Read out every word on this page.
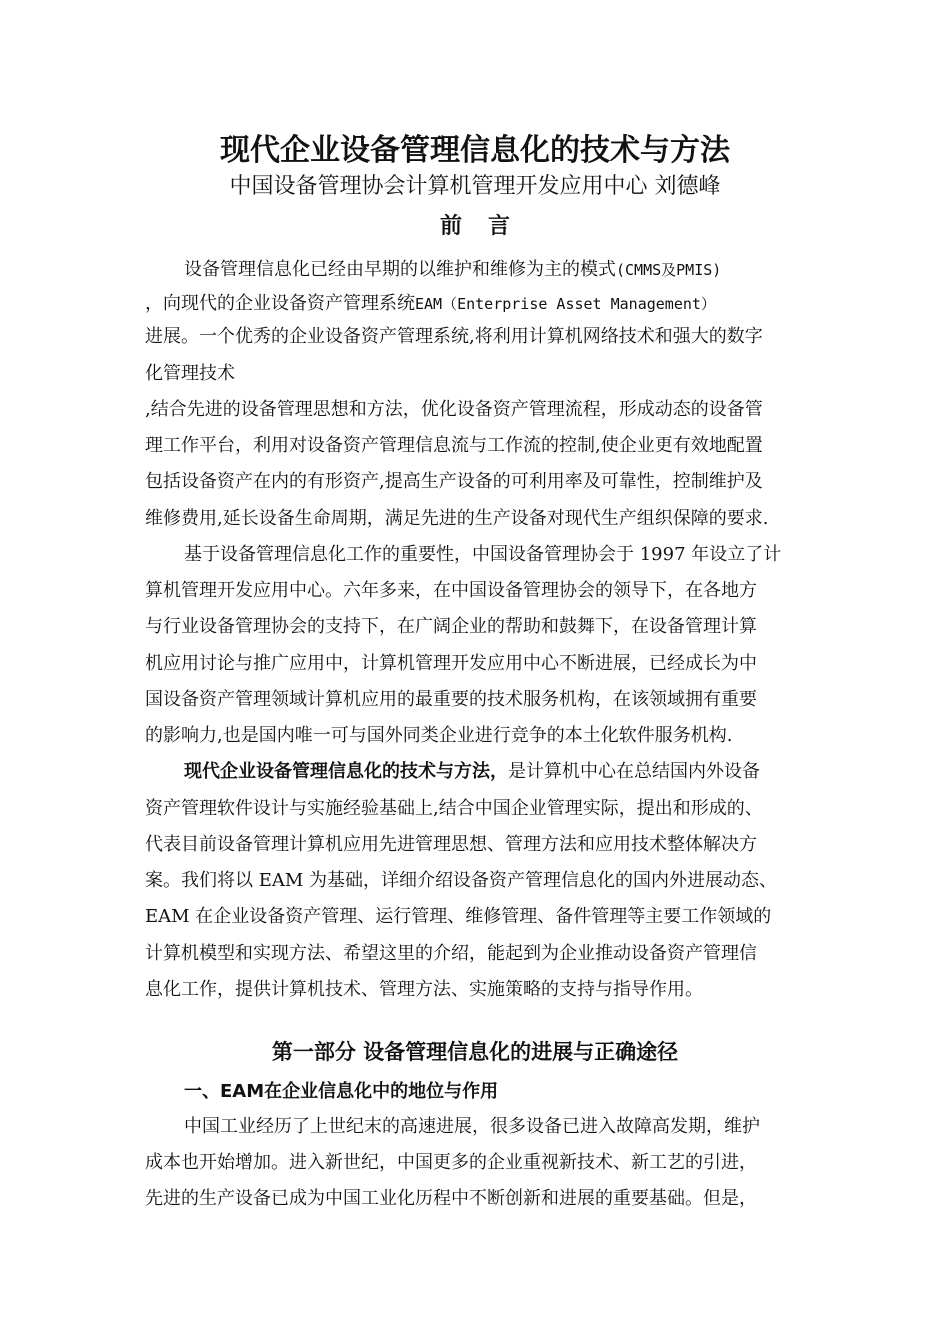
现代企业设备管理信息化的技术与方法
中国设备管理协会计算机管理开发应用中心 刘德峰
前言
设备管理信息化已经由早期的以维护和维修为主的模式(CMMS及PMIS)
，向现代的企业设备资产管理系统EAM（Enterprise Asset Management）
进展。一个优秀的企业设备资产管理系统,将利用计算机网络技术和强大的数字
化管理技术
,结合先进的设备管理思想和方法，优化设备资产管理流程，形成动态的设备管
理工作平台，利用对设备资产管理信息流与工作流的控制,使企业更有效地配置
包括设备资产在内的有形资产,提高生产设备的可利用率及可靠性，控制维护及
维修费用,延长设备生命周期，满足先进的生产设备对现代生产组织保障的要求.
基于设备管理信息化工作的重要性，中国设备管理协会于 1997 年设立了计
算机管理开发应用中心。六年多来，在中国设备管理协会的领导下，在各地方
与行业设备管理协会的支持下，在广阔企业的帮助和鼓舞下，在设备管理计算
机应用讨论与推广应用中，计算机管理开发应用中心不断进展，已经成长为中
国设备资产管理领域计算机应用的最重要的技术服务机构，在该领域拥有重要
的影响力,也是国内唯一可与国外同类企业进行竞争的本土化软件服务机构.
现代企业设备管理信息化的技术与方法，是计算机中心在总结国内外设备
资产管理软件设计与实施经验基础上,结合中国企业管理实际，提出和形成的、
代表目前设备管理计算机应用先进管理思想、管理方法和应用技术整体解决方
案。我们将以 EAM 为基础，详细介绍设备资产管理信息化的国内外进展动态、
EAM 在企业设备资产管理、运行管理、维修管理、备件管理等主要工作领域的
计算机模型和实现方法、希望这里的介绍，能起到为企业推动设备资产管理信
息化工作，提供计算机技术、管理方法、实施策略的支持与指导作用。
第一部分 设备管理信息化的进展与正确途径
一、EAM在企业信息化中的地位与作用
中国工业经历了上世纪末的高速进展，很多设备已进入故障高发期，维护
成本也开始增加。进入新世纪，中国更多的企业重视新技术、新工艺的引进，
先进的生产设备已成为中国工业化历程中不断创新和进展的重要基础。但是，
